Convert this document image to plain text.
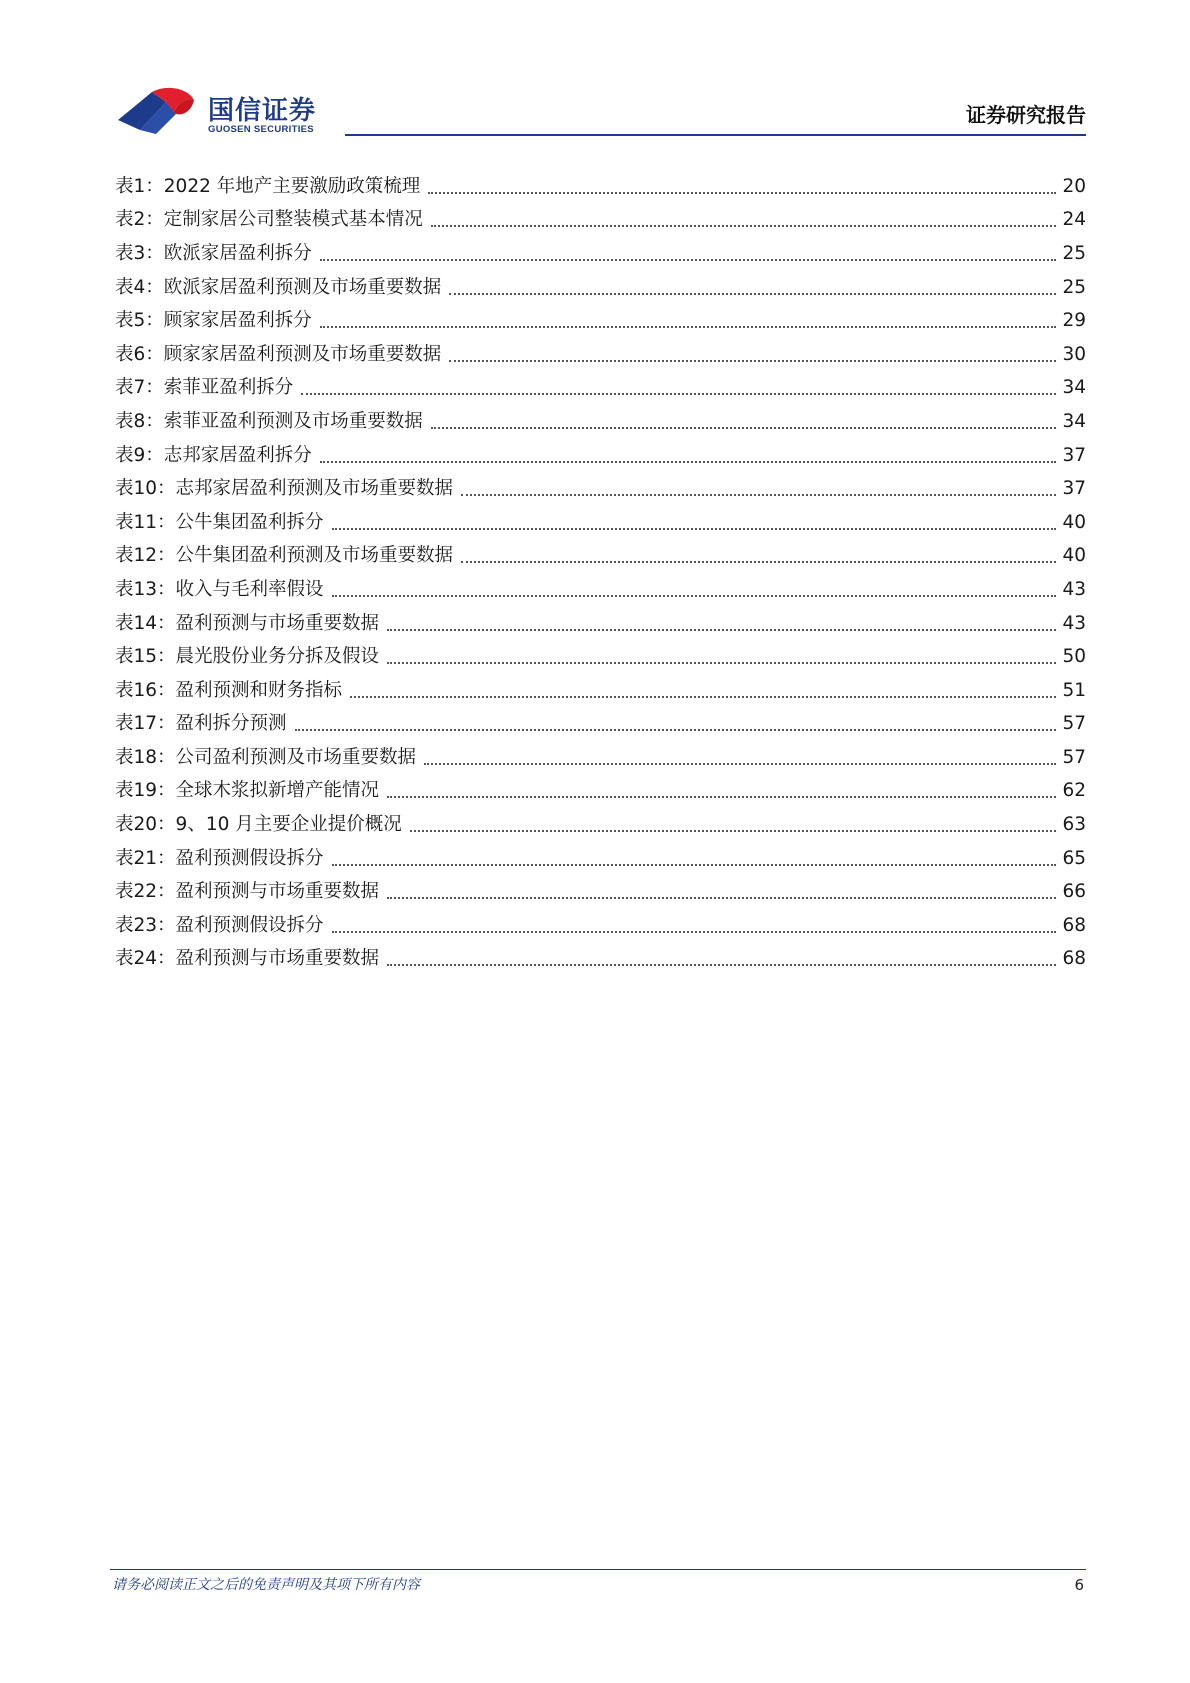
国信证券
GUOSEN SECURITIES
证券研究报告
表1： 2022 年地产主要激励政策梳理	20
表2： 定制家居公司整装模式基本情况	24
表3： 欧派家居盈利拆分	25
表4： 欧派家居盈利预测及市场重要数据	25
表5： 顾家家居盈利拆分	29
表6： 顾家家居盈利预测及市场重要数据	30
表7： 索菲亚盈利拆分	34
表8： 索菲亚盈利预测及市场重要数据	34
表9： 志邦家居盈利拆分	37
表10： 志邦家居盈利预测及市场重要数据	37
表11： 公牛集团盈利拆分	40
表12： 公牛集团盈利预测及市场重要数据	40
表13： 收入与毛利率假设	43
表14： 盈利预测与市场重要数据	43
表15： 晨光股份业务分拆及假设	50
表16： 盈利预测和财务指标	51
表17： 盈利拆分预测	57
表18： 公司盈利预测及市场重要数据	57
表19： 全球木浆拟新增产能情况	62
表20： 9、10 月主要企业提价概况	63
表21： 盈利预测假设拆分	65
表22： 盈利预测与市场重要数据	66
表23： 盈利预测假设拆分	68
表24： 盈利预测与市场重要数据	68
请务必阅读正文之后的免责声明及其项下所有内容	6
